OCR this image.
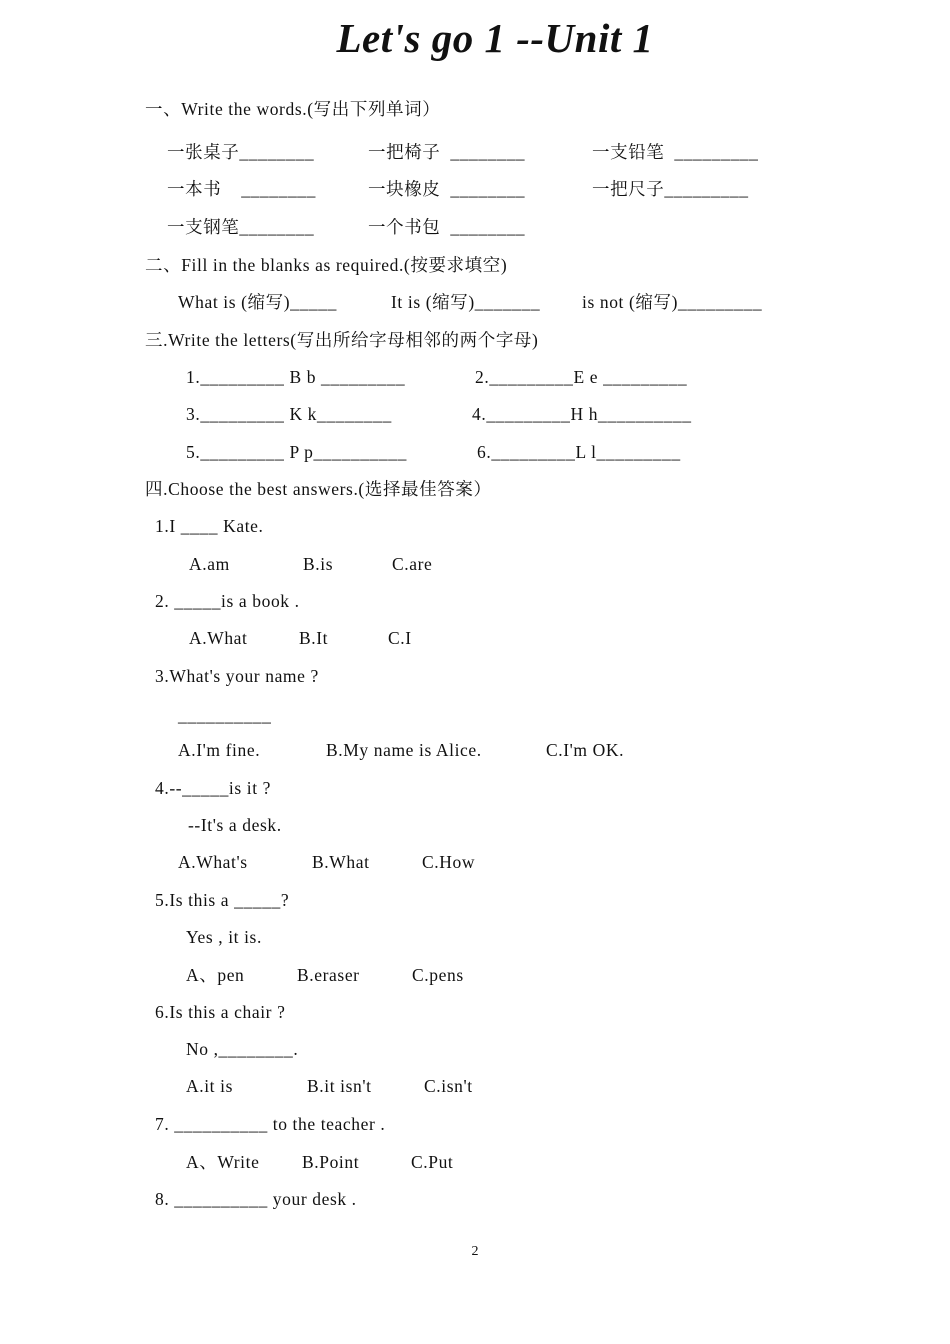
Let's go 1 --Unit 1
一、Write the words.(写出下列单词）
一张桌子________	一把椅子  ________	一支铅笔  _________
一本书    ________	一块橡皮  ________	一把尺子_________
一支钢笔________	一个书包  ________
二、Fill in the blanks as required.(按要求填空)
What is (缩写)_____	It is (缩写)_______ is not (缩写)_________
三.Write the letters(写出所给字母相邻的两个字母)
1._________ B b _________	2._________E e _________
3._________ K k________	4._________H h__________
5._________ P p__________	6._________L l_________
四.Choose the best answers.(选择最佳答案）
1.I ____ Kate.
A.am	B.is	C.are
2. _____is a book .
A.What	B.It	C.I
3.What's your name ?
__________
A.I'm fine.	B.My name is Alice.	C.I'm OK.
4.--_____is it ?
--It's a desk.
A.What's	B.What	C.How
5.Is this a _____?
Yes , it is.
A、pen	B.eraser	C.pens
6.Is this a chair ?
No ,________.
A.it is	B.it isn't	C.isn't
7. __________ to the teacher .
A、Write B.Point	C.Put
8. __________ your desk .
2
